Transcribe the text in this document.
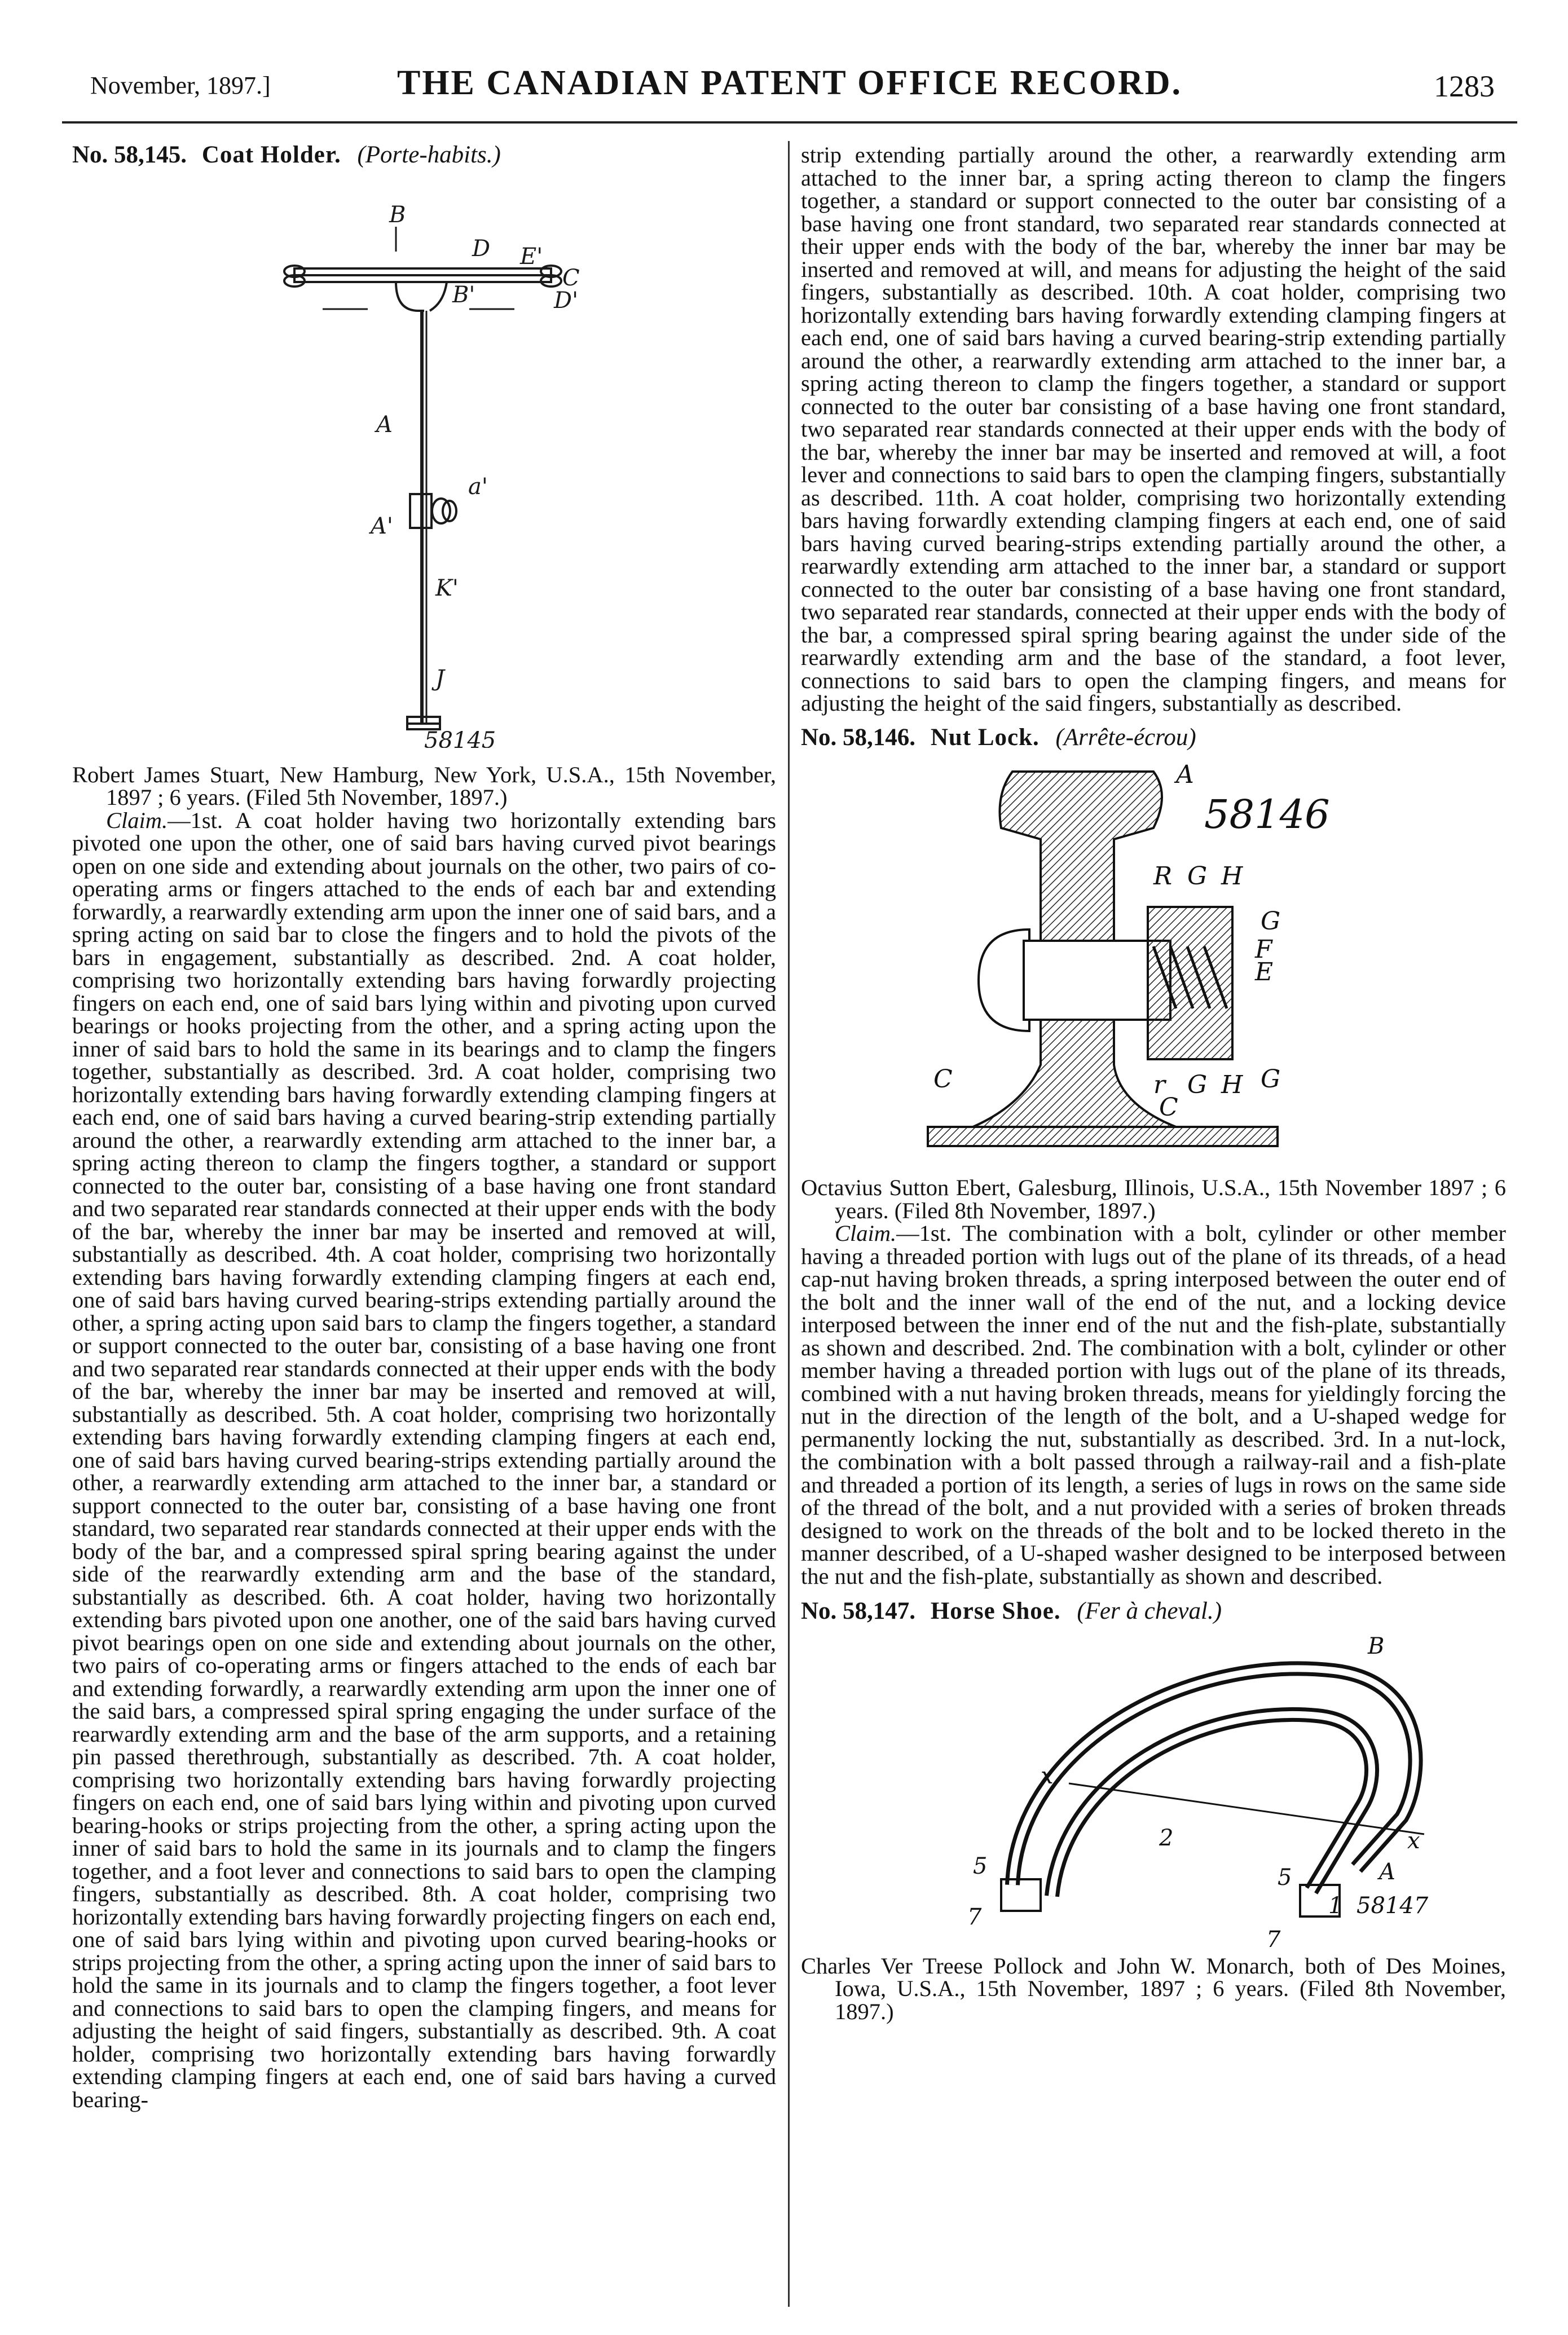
November, 1897.]	THE CANADIAN PATENT OFFICE RECORD.	1283

No. 58,145. Coat Holder. (Porte-habits.)

B
D E'
C
B'	D'
A
a'
A'
K'
J
58145

Robert James Stuart, New Hamburg, New York, U.S.A., 15th November, 1897 ; 6 years. (Filed 5th November, 1897.)

Claim.—1st. A coat holder having two horizontally extending bars pivoted one upon the other, one of said bars having curved pivot bearings open on one side and extending about journals on the other, two pairs of co-operating arms or fingers attached to the ends of each bar and extending forwardly, a rearwardly extending arm upon the inner one of said bars, and a spring acting on said bar to close the fingers and to hold the pivots of the bars in engagement, substantially as described. 2nd. A coat holder, comprising two horizontally extending bars having forwardly projecting fingers on each end, one of said bars lying within and pivoting upon curved bearings or hooks projecting from the other, and a spring acting upon the inner of said bars to hold the same in its bearings and to clamp the fingers together, substantially as described. 3rd. A coat holder, comprising two horizontally extending bars having forwardly extending clamping fingers at each end, one of said bars having a curved bearing-strip extending partially around the other, a rearwardly extending arm attached to the inner bar, a spring acting thereon to clamp the fingers togther, a standard or support connected to the outer bar, consisting of a base having one front standard and two separated rear standards connected at their upper ends with the body of the bar, whereby the inner bar may be inserted and removed at will, substantially as described. 4th. A coat holder, comprising two horizontally extending bars having forwardly extending clamping fingers at each end, one of said bars having curved bearing-strips extending partially around the other, a spring acting upon said bars to clamp the fingers together, a standard or support connected to the outer bar, consisting of a base having one front and two separated rear standards connected at their upper ends with the body of the bar, whereby the inner bar may be inserted and removed at will, substantially as described. 5th. A coat holder, comprising two horizontally extending bars having forwardly extending clamping fingers at each end, one of said bars having curved bearing-strips extending partially around the other, a rearwardly extending arm attached to the inner bar, a standard or support connected to the outer bar, consisting of a base having one front standard, two separated rear standards connected at their upper ends with the body of the bar, and a compressed spiral spring bearing against the under side of the rearwardly extending arm and the base of the standard, substantially as described. 6th. A coat holder, having two horizontally extending bars pivoted upon one another, one of the said bars having curved pivot bearings open on one side and extending about journals on the other, two pairs of co-operating arms or fingers attached to the ends of each bar and extending forwardly, a rearwardly extending arm upon the inner one of the said bars, a compressed spiral spring engaging the under surface of the rearwardly extending arm and the base of the arm supports, and a retaining pin passed therethrough, substantially as described. 7th. A coat holder, comprising two horizontally extending bars having forwardly projecting fingers on each end, one of said bars lying within and pivoting upon curved bearing-hooks or strips projecting from the other, a spring acting upon the inner of said bars to hold the same in its journals and to clamp the fingers together, and a foot lever and connections to said bars to open the clamping fingers, substantially as described. 8th. A coat holder, comprising two horizontally extending bars having forwardly projecting fingers on each end, one of said bars lying within and pivoting upon curved bearing-hooks or strips projecting from the other, a spring acting upon the inner of said bars to hold the same in its journals and to clamp the fingers together, a foot lever and connections to said bars to open the clamping fingers, and means for adjusting the height of said fingers, substantially as described. 9th. A coat holder, comprising two horizontally extending bars having forwardly extending clamping fingers at each end, one of said bars having a curved bearing-

strip extending partially around the other, a rearwardly extending arm attached to the inner bar, a spring acting thereon to clamp the fingers together, a standard or support connected to the outer bar consisting of a base having one front standard, two separated rear standards connected at their upper ends with the body of the bar, whereby the inner bar may be inserted and removed at will, and means for adjusting the height of the said fingers, substantially as described. 10th. A coat holder, comprising two horizontally extending bars having forwardly extending clamping fingers at each end, one of said bars having a curved bearing-strip extending partially around the other, a rearwardly extending arm attached to the inner bar, a spring acting thereon to clamp the fingers together, a standard or support connected to the outer bar consisting of a base having one front standard, two separated rear standards connected at their upper ends with the body of the bar, whereby the inner bar may be inserted and removed at will, a foot lever and connections to said bars to open the clamping fingers, substantially as described. 11th. A coat holder, comprising two horizontally extending bars having forwardly extending clamping fingers at each end, one of said bars having curved bearing-strips extending partially around the other, a rearwardly extending arm attached to the inner bar, a standard or support connected to the outer bar consisting of a base having one front standard, two separated rear standards, connected at their upper ends with the body of the bar, a compressed spiral spring bearing against the under side of the rearwardly extending arm and the base of the standard, a foot lever, connections to said bars to open the clamping fingers, and means for adjusting the height of the said fingers, substantially as described.

No. 58,146. Nut Lock. (Arrête-écrou)

A
R G H
G
F
E
C	r G H G
C
58146

Octavius Sutton Ebert, Galesburg, Illinois, U.S.A., 15th November 1897 ; 6 years. (Filed 8th November, 1897.)

Claim.—1st. The combination with a bolt, cylinder or other member having a threaded portion with lugs out of the plane of its threads, of a head cap-nut having broken threads, a spring interposed between the outer end of the bolt and the inner wall of the end of the nut, and a locking device interposed between the inner end of the nut and the fish-plate, substantially as shown and described. 2nd. The combination with a bolt, cylinder or other member having a threaded portion with lugs out of the plane of its threads, combined with a nut having broken threads, means for yieldingly forcing the nut in the direction of the length of the bolt, and a U-shaped wedge for permanently locking the nut, substantially as described. 3rd. In a nut-lock, the combination with a bolt passed through a railway-rail and a fish-plate and threaded a portion of its length, a series of lugs in rows on the same side of the thread of the bolt, and a nut provided with a series of broken threads designed to work on the threads of the bolt and to be locked thereto in the manner described, of a U-shaped washer designed to be interposed between the nut and the fish-plate, substantially as shown and described.

No. 58,147. Horse Shoe. (Fer à cheval.)

B
x
2	x
5	5	A
7
7
1 58147

Charles Ver Treese Pollock and John W. Monarch, both of Des Moines, Iowa, U.S.A., 15th November, 1897 ; 6 years. (Filed 8th November, 1897.)
